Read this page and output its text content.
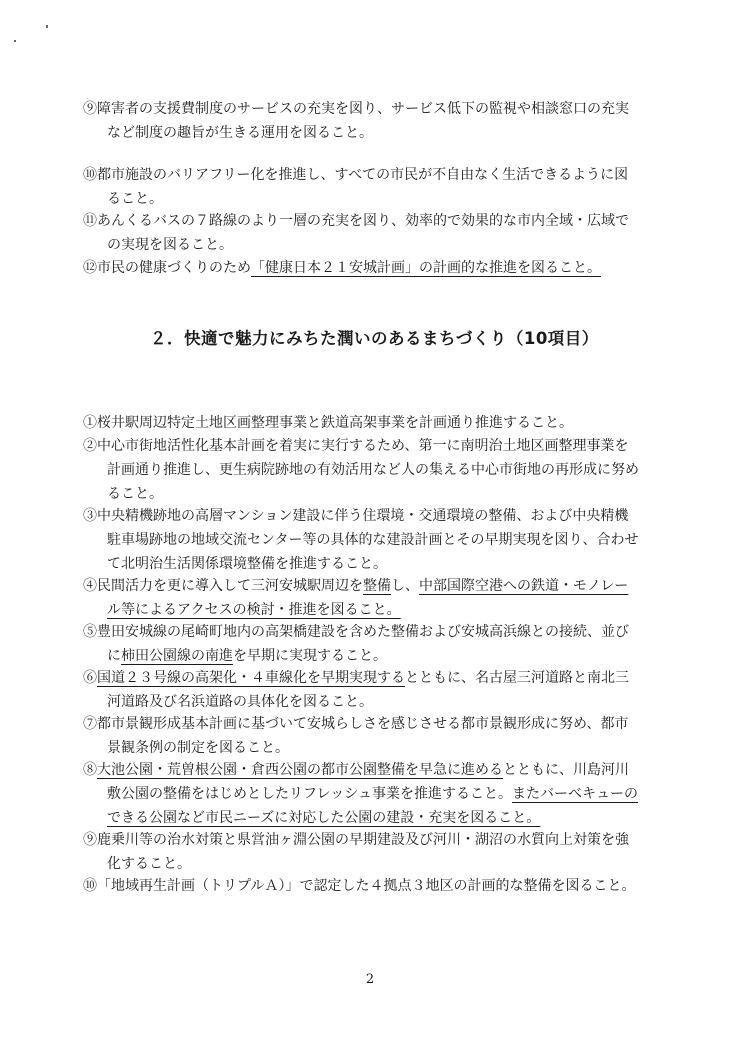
⑨障害者の支援費制度のサービスの充実を図り、サービス低下の監視や相談窓口の充実
など制度の趣旨が生きる運用を図ること。
⑩都市施設のバリアフリー化を推進し、すべての市民が不自由なく生活できるように図
ること。
⑪あんくるバスの７路線のより一層の充実を図り、効率的で効果的な市内全域・広域で
の実現を図ること。
⑫市民の健康づくりのため「健康日本２１安城計画」の計画的な推進を図ること。
２．快適で魅力にみちた潤いのあるまちづくり（10項目）
①桜井駅周辺特定土地区画整理事業と鉄道高架事業を計画通り推進すること。
②中心市街地活性化基本計画を着実に実行するため、第一に南明治土地区画整理事業を
計画通り推進し、更生病院跡地の有効活用など人の集える中心市街地の再形成に努め
ること。
③中央精機跡地の高層マンション建設に伴う住環境・交通環境の整備、および中央精機
駐車場跡地の地域交流センター等の具体的な建設計画とその早期実現を図り、合わせ
て北明治生活関係環境整備を推進すること。
④民間活力を更に導入して三河安城駅周辺を整備し、中部国際空港への鉄道・モノレー
ル等によるアクセスの検討・推進を図ること。
⑤豊田安城線の尾崎町地内の高架橋建設を含めた整備および安城高浜線との接続、並び
に柿田公園線の南進を早期に実現すること。
⑥国道２３号線の高架化・４車線化を早期実現するとともに、名古屋三河道路と南北三
河道路及び名浜道路の具体化を図ること。
⑦都市景観形成基本計画に基づいて安城らしさを感じさせる都市景観形成に努め、都市
景観条例の制定を図ること。
⑧大池公園・荒曽根公園・倉西公園の都市公園整備を早急に進めるとともに、川島河川
敷公園の整備をはじめとしたリフレッシュ事業を推進すること。またバーベキューの
できる公園など市民ニーズに対応した公園の建設・充実を図ること。
⑨鹿乗川等の治水対策と県営油ヶ淵公園の早期建設及び河川・湖沼の水質向上対策を強
化すること。
⑩「地域再生計画（トリプルＡ）」で認定した４拠点３地区の計画的な整備を図ること。
2
